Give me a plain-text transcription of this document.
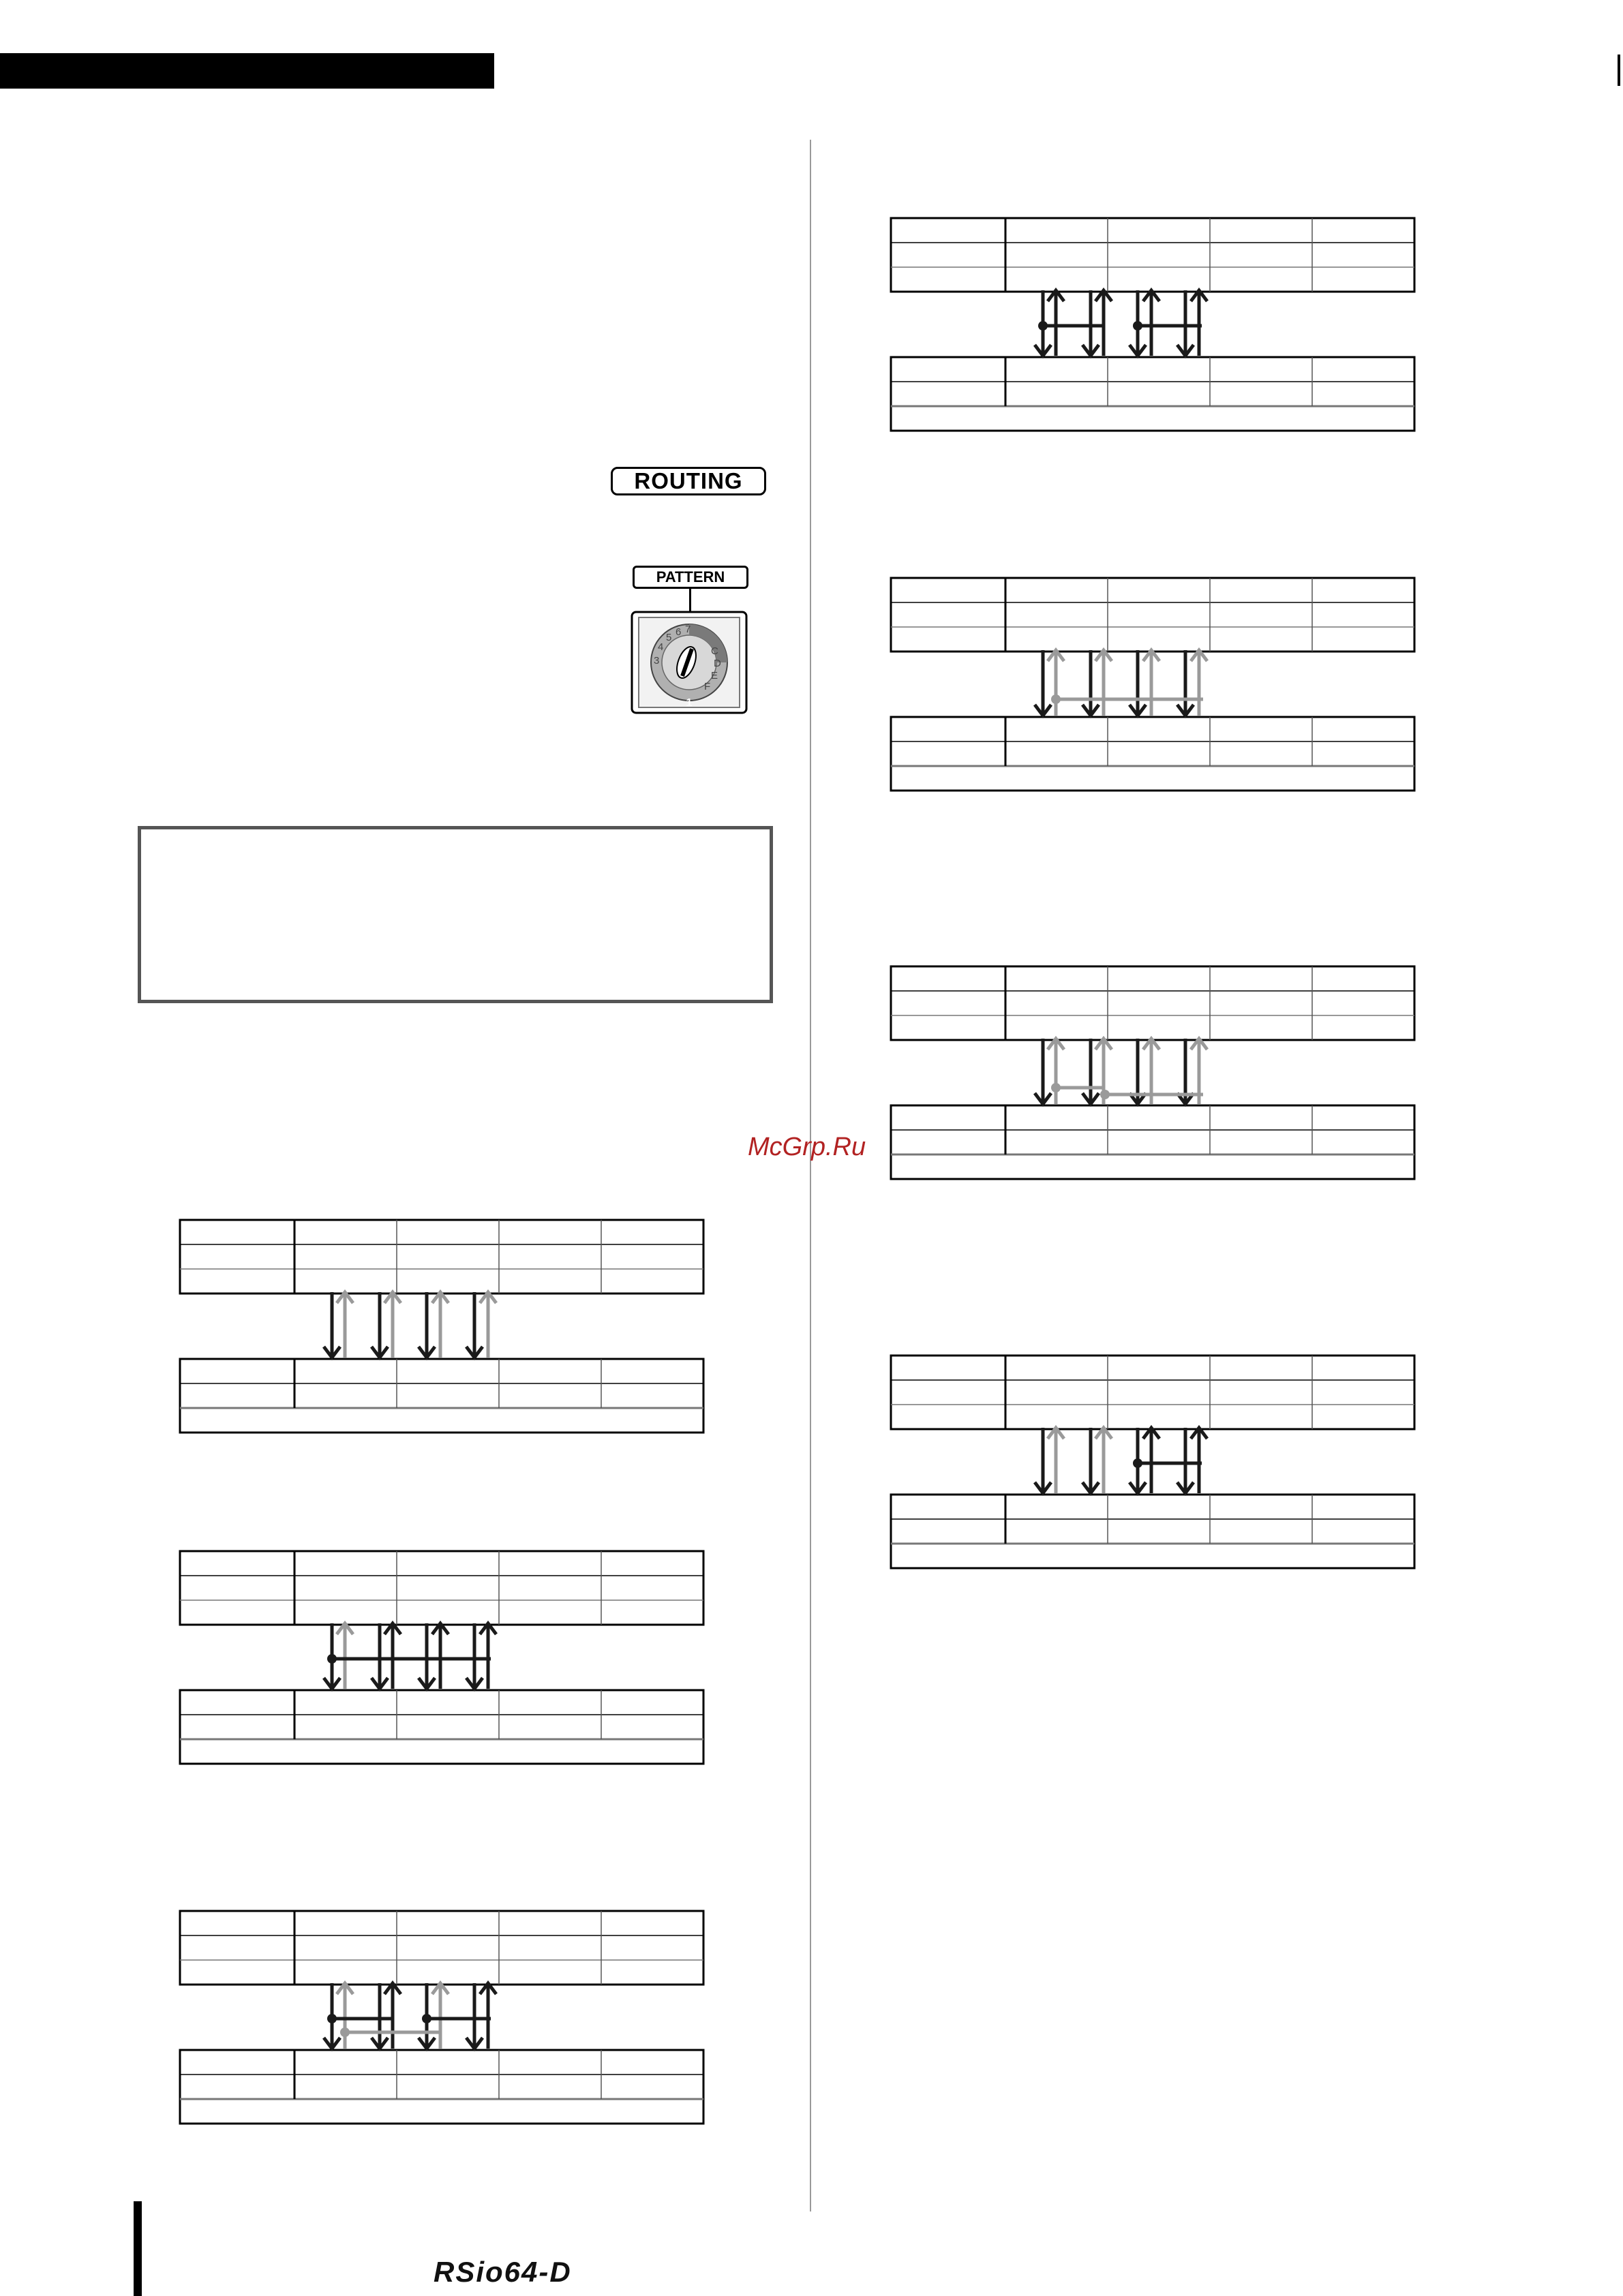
ROUTING
PATTERN
1
3
4
5 6 7
C
D
E
F
McGrp.Ru
RSio64-D
